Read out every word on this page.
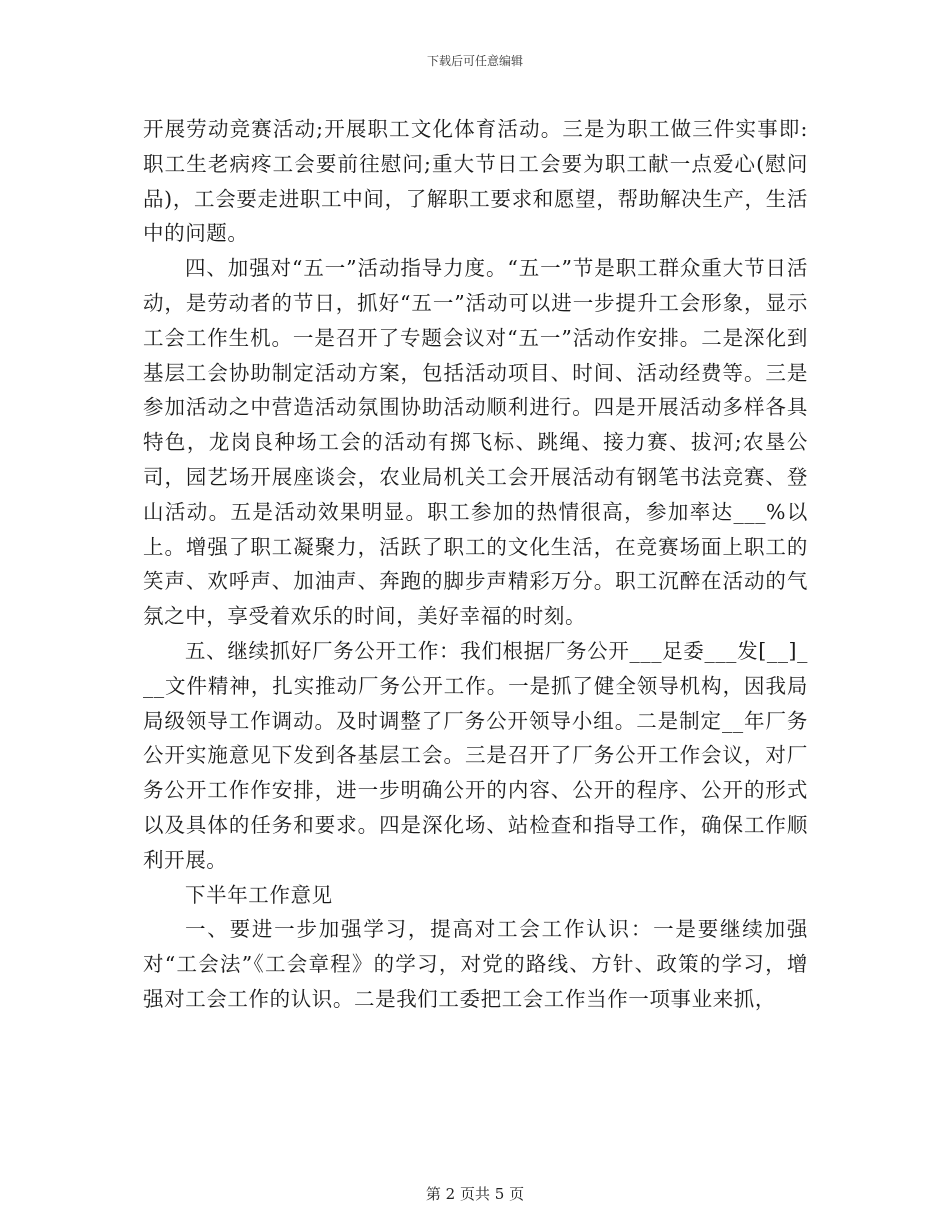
下载后可任意编辑

开展劳动竞赛活动;开展职工文化体育活动。三是为职工做三件实事即:职工生老病疼工会要前往慰问;重大节日工会要为职工献一点爱心(慰问品)，工会要走进职工中间，了解职工要求和愿望，帮助解决生产，生活中的问题。

四、加强对“五一”活动指导力度。“五一”节是职工群众重大节日活动，是劳动者的节日，抓好“五一”活动可以进一步提升工会形象，显示工会工作生机。一是召开了专题会议对“五一”活动作安排。二是深化到基层工会协助制定活动方案，包括活动项目、时间、活动经费等。三是参加活动之中营造活动氛围协助活动顺利进行。四是开展活动多样各具特色，龙岗良种场工会的活动有掷飞标、跳绳、接力赛、拔河;农垦公司，园艺场开展座谈会，农业局机关工会开展活动有钢笔书法竞赛、登山活动。五是活动效果明显。职工参加的热情很高，参加率达___%以上。增强了职工凝聚力，活跃了职工的文化生活，在竞赛场面上职工的笑声、欢呼声、加油声、奔跑的脚步声精彩万分。职工沉醉在活动的气氛之中，享受着欢乐的时间，美好幸福的时刻。

五、继续抓好厂务公开工作：我们根据厂务公开___足委___发[__]___文件精神，扎实推动厂务公开工作。一是抓了健全领导机构，因我局局级领导工作调动。及时调整了厂务公开领导小组。二是制定__年厂务公开实施意见下发到各基层工会。三是召开了厂务公开工作会议，对厂务公开工作作安排，进一步明确公开的内容、公开的程序、公开的形式以及具体的任务和要求。四是深化场、站检查和指导工作，确保工作顺利开展。

下半年工作意见

一、要进一步加强学习，提高对工会工作认识：一是要继续加强对“工会法”《工会章程》的学习，对党的路线、方针、政策的学习，增强对工会工作的认识。二是我们工委把工会工作当作一项事业来抓，

第 2 页共 5 页
